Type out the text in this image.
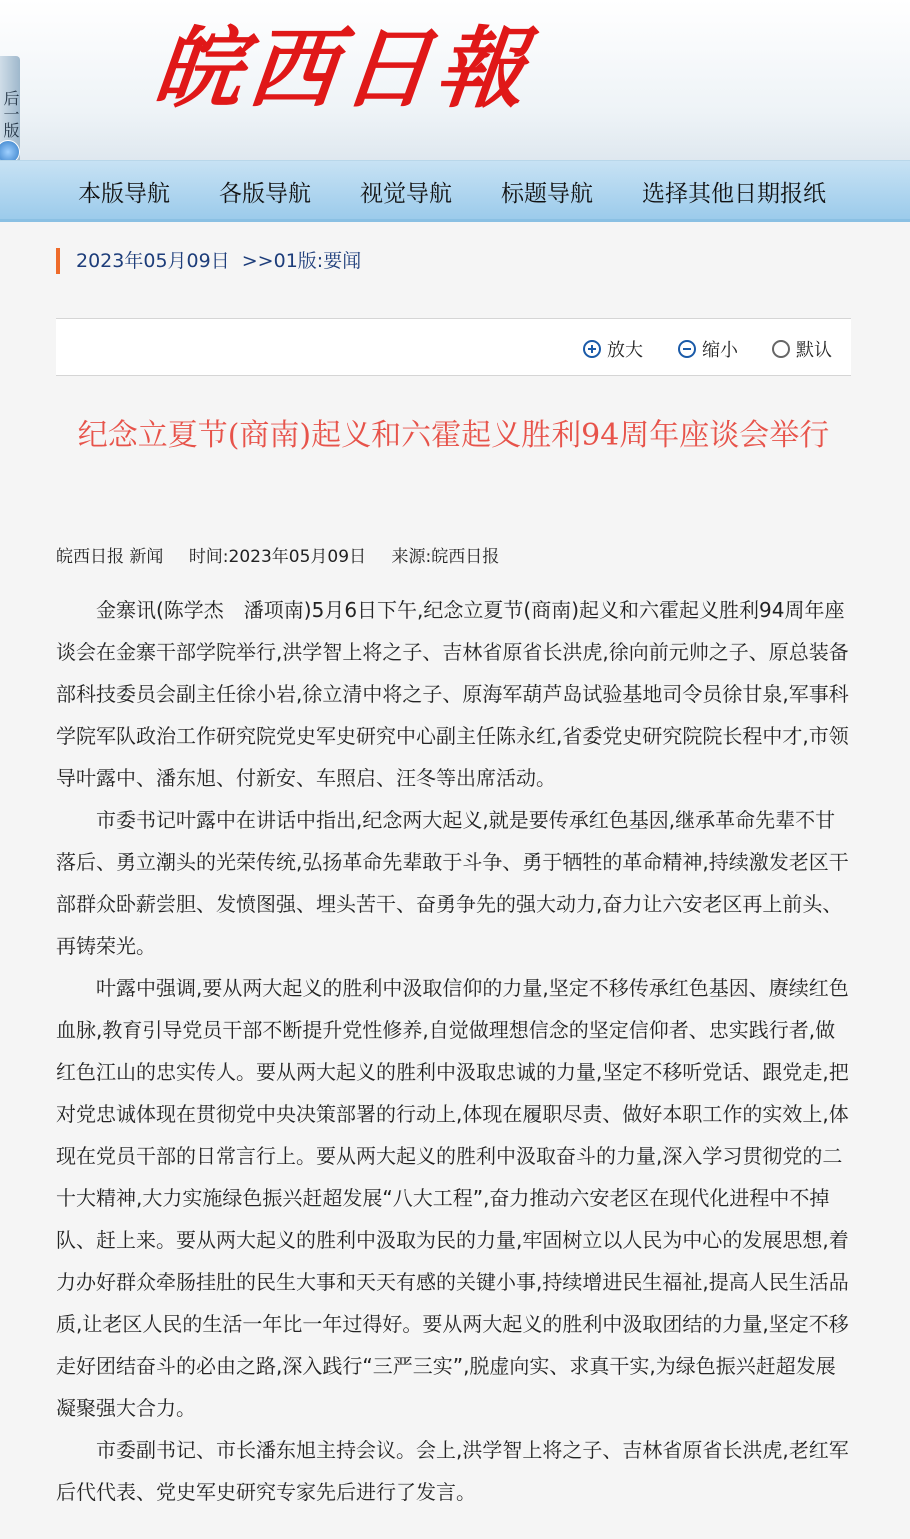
皖西日報
后一版
本版导航 各版导航 视觉导航 标题导航 选择其他日期报纸
2023年05月09日 >>01版:要闻
放大	缩小	默认
纪念立夏节(商南)起义和六霍起义胜利94周年座谈会举行
皖西日报 新闻 时间:2023年05月09日 来源:皖西日报

金寨讯(陈学杰　潘项南)5月6日下午,纪念立夏节(商南)起义和六霍起义胜利94周年座谈会在金寨干部学院举行,洪学智上将之子、吉林省原省长洪虎,徐向前元帅之子、原总装备部科技委员会副主任徐小岩,徐立清中将之子、原海军葫芦岛试验基地司令员徐甘泉,军事科学院军队政治工作研究院党史军史研究中心副主任陈永红,省委党史研究院院长程中才,市领导叶露中、潘东旭、付新安、车照启、汪冬等出席活动。

市委书记叶露中在讲话中指出,纪念两大起义,就是要传承红色基因,继承革命先辈不甘落后、勇立潮头的光荣传统,弘扬革命先辈敢于斗争、勇于牺牲的革命精神,持续激发老区干部群众卧薪尝胆、发愤图强、埋头苦干、奋勇争先的强大动力,奋力让六安老区再上前头、再铸荣光。

叶露中强调,要从两大起义的胜利中汲取信仰的力量,坚定不移传承红色基因、赓续红色血脉,教育引导党员干部不断提升党性修养,自觉做理想信念的坚定信仰者、忠实践行者,做红色江山的忠实传人。要从两大起义的胜利中汲取忠诚的力量,坚定不移听党话、跟党走,把对党忠诚体现在贯彻党中央决策部署的行动上,体现在履职尽责、做好本职工作的实效上,体现在党员干部的日常言行上。要从两大起义的胜利中汲取奋斗的力量,深入学习贯彻党的二十大精神,大力实施绿色振兴赶超发展“八大工程”,奋力推动六安老区在现代化进程中不掉队、赶上来。要从两大起义的胜利中汲取为民的力量,牢固树立以人民为中心的发展思想,着力办好群众牵肠挂肚的民生大事和天天有感的关键小事,持续增进民生福祉,提高人民生活品质,让老区人民的生活一年比一年过得好。要从两大起义的胜利中汲取团结的力量,坚定不移走好团结奋斗的必由之路,深入践行“三严三实”,脱虚向实、求真干实,为绿色振兴赶超发展凝聚强大合力。

市委副书记、市长潘东旭主持会议。会上,洪学智上将之子、吉林省原省长洪虎,老红军后代代表、党史军史研究专家先后进行了发言。
